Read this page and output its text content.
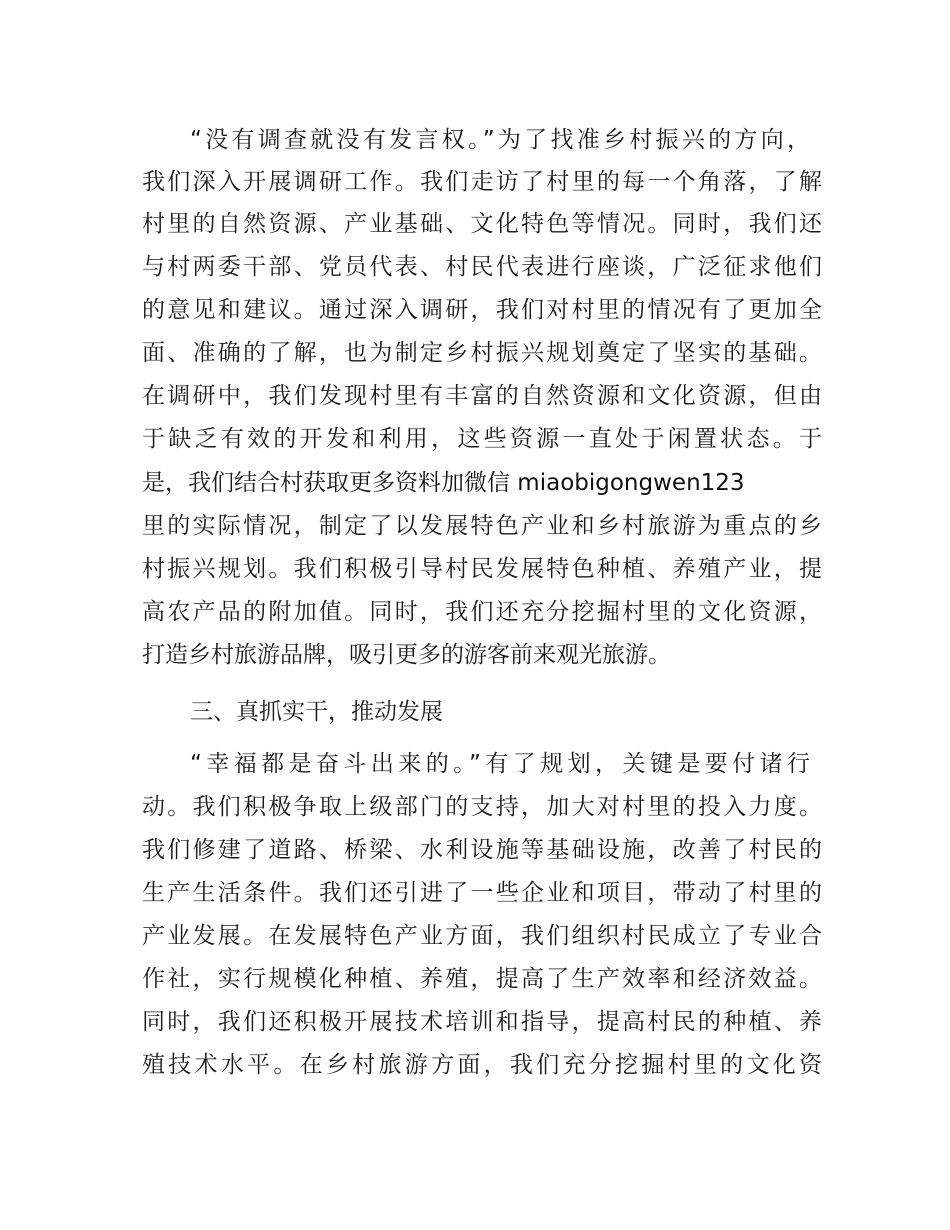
“没有调查就没有发言权。”为了找准乡村振兴的方向，
我们深入开展调研工作。我们走访了村里的每一个角落，了解
村里的自然资源、产业基础、文化特色等情况。同时，我们还
与村两委干部、党员代表、村民代表进行座谈，广泛征求他们
的意见和建议。通过深入调研，我们对村里的情况有了更加全
面、准确的了解，也为制定乡村振兴规划奠定了坚实的基础。
在调研中，我们发现村里有丰富的自然资源和文化资源，但由
于缺乏有效的开发和利用，这些资源一直处于闲置状态。于
是，我们结合村获取更多资料加微信 miaobigongwen123
里的实际情况，制定了以发展特色产业和乡村旅游为重点的乡
村振兴规划。我们积极引导村民发展特色种植、养殖产业，提
高农产品的附加值。同时，我们还充分挖掘村里的文化资源，
打造乡村旅游品牌，吸引更多的游客前来观光旅游。
三、真抓实干，推动发展
“幸福都是奋斗出来的。”有了规划，关键是要付诸行
动。我们积极争取上级部门的支持，加大对村里的投入力度。
我们修建了道路、桥梁、水利设施等基础设施，改善了村民的
生产生活条件。我们还引进了一些企业和项目，带动了村里的
产业发展。在发展特色产业方面，我们组织村民成立了专业合
作社，实行规模化种植、养殖，提高了生产效率和经济效益。
同时，我们还积极开展技术培训和指导，提高村民的种植、养
殖技术水平。在乡村旅游方面，我们充分挖掘村里的文化资
